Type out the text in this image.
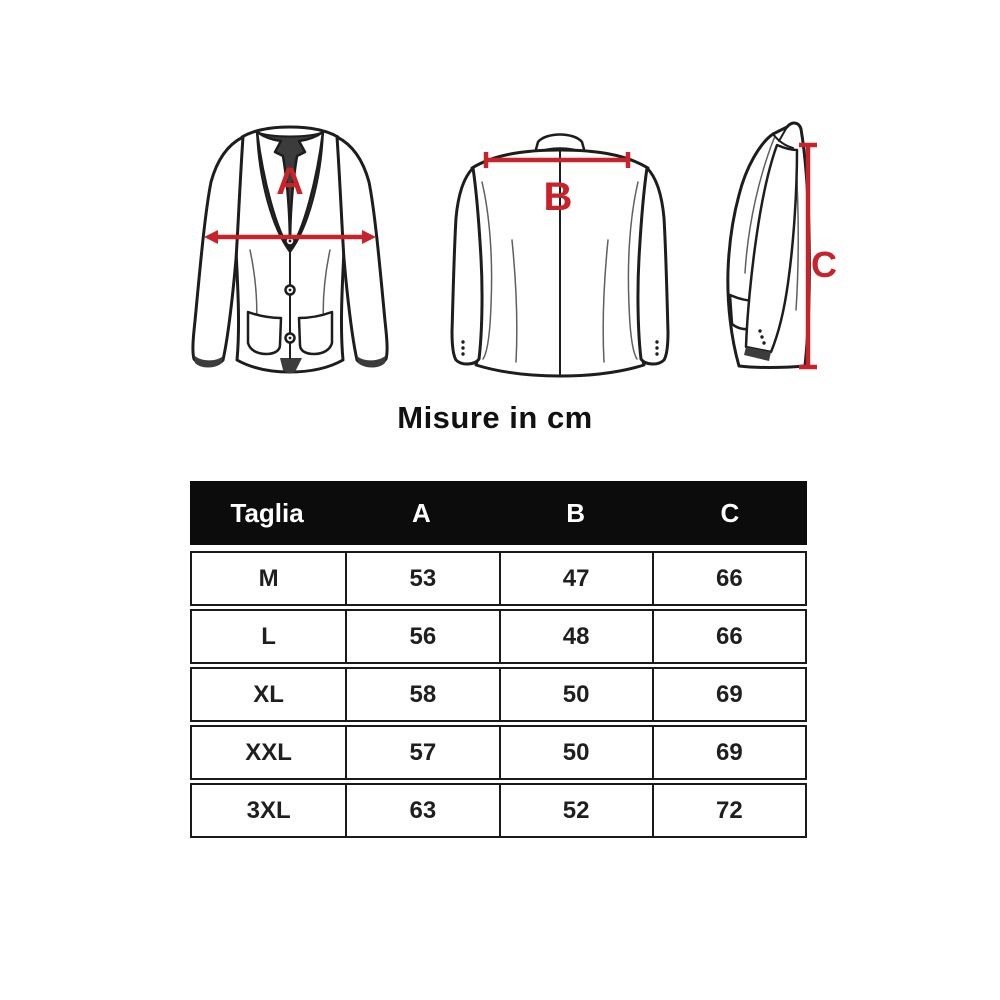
A	B
C
Misure in cm
Taglia	A	B	C
M	53	47	66
L	56	48	66
XL	58	50	69
XXL	57	50	69
3XL	63	52	72
